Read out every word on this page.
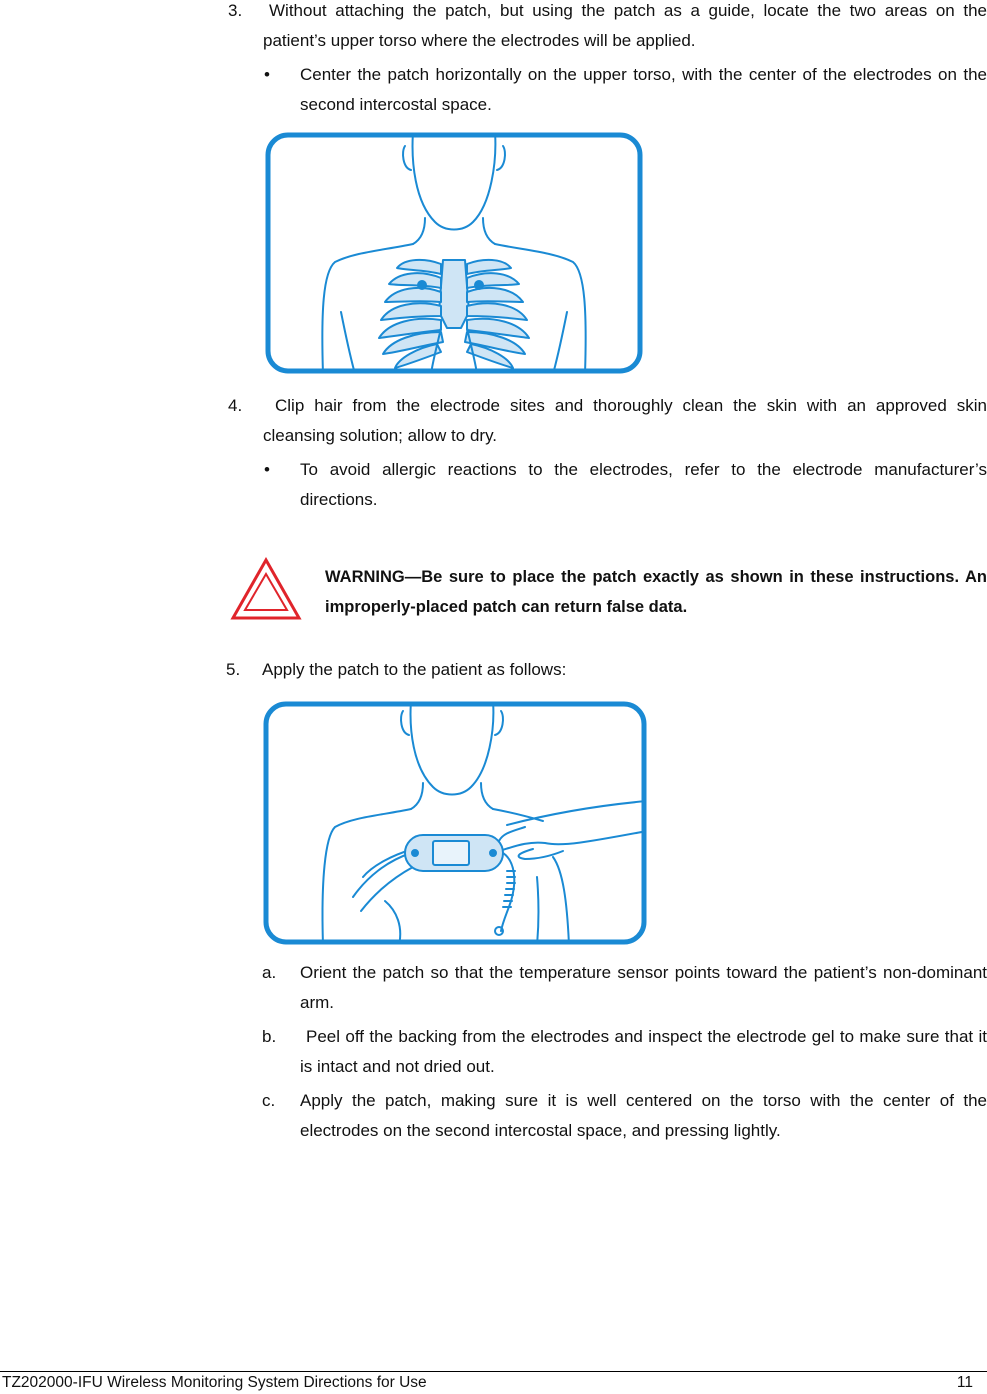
3.	Without attaching the patch, but using the patch as a guide, locate the two areas on the patient’s upper torso where the electrodes will be applied.
• Center the patch horizontally on the upper torso, with the center of the electrodes on the second intercostal space.
4.	Clip hair from the electrode sites and thoroughly clean the skin with an approved skin cleansing solution; allow to dry.
• To avoid allergic reactions to the electrodes, refer to the electrode manufacturer’s directions.
WARNING—Be sure to place the patch exactly as shown in these instructions. An improperly-placed patch can return false data.
5. Apply the patch to the patient as follows:
a. Orient the patch so that the temperature sensor points toward the patient’s non-dominant arm.
b.	Peel off the backing from the electrodes and inspect the electrode gel to make sure that it is intact and not dried out.
c. Apply the patch, making sure it is well centered on the torso with the center of the electrodes on the second intercostal space, and pressing lightly.
TZ202000-IFU Wireless Monitoring System Directions for Use	11
